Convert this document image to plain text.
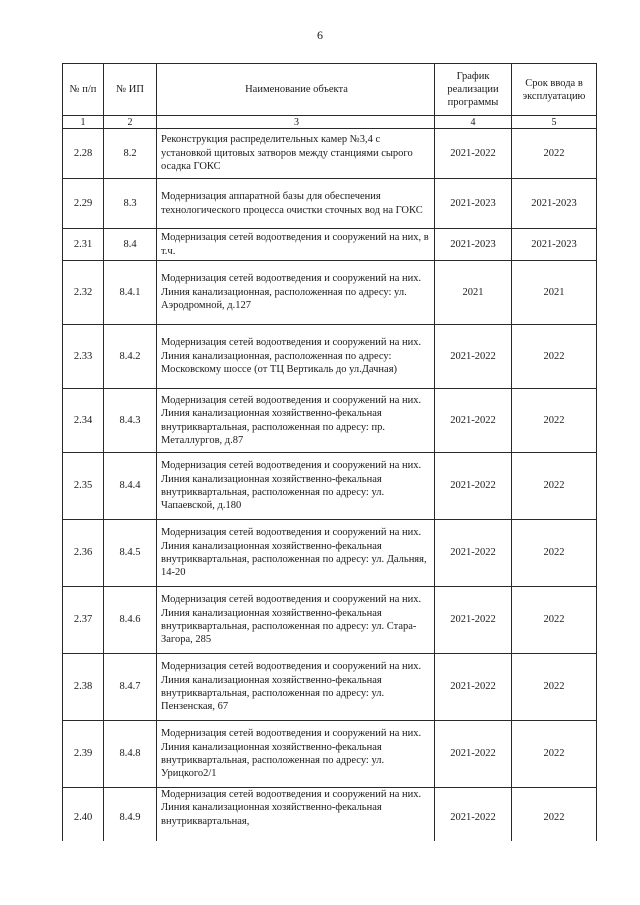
6
№ п/п	№ ИП	Наименование объекта	График реализации программы	Срок ввода в эксплуатацию
1	2	3	4	5
2.28	8.2	Реконструкция распределительных камер №3,4 с установкой щитовых затворов между станциями сырого осадка ГОКС	2021-2022	2022
2.29	8.3	Модернизация аппаратной базы для обеспечения технологического процесса очистки сточных вод на ГОКС	2021-2023	2021-2023
2.31	8.4	Модернизация сетей водоотведения и сооружений на них, в т.ч.	2021-2023	2021-2023
2.32	8.4.1	Модернизация сетей водоотведения и сооружений на них. Линия канализационная, расположенная по адресу: ул. Аэродромной, д.127	2021	2021
2.33	8.4.2	Модернизация сетей водоотведения и сооружений на них. Линия канализационная, расположенная по адресу: Московскому шоссе (от ТЦ Вертикаль до ул.Дачная)	2021-2022	2022
2.34	8.4.3	Модернизация сетей водоотведения и сооружений на них. Линия канализационная хозяйственно-фекальная внутриквартальная, расположенная по адресу: пр. Металлургов, д.87	2021-2022	2022
2.35	8.4.4	Модернизация сетей водоотведения и сооружений на них. Линия канализационная хозяйственно-фекальная внутриквартальная, расположенная по адресу: ул. Чапаевской, д.180	2021-2022	2022
2.36	8.4.5	Модернизация сетей водоотведения и сооружений на них. Линия канализационная хозяйственно-фекальная внутриквартальная, расположенная по адресу: ул. Дальняя, 14-20	2021-2022	2022
2.37	8.4.6	Модернизация сетей водоотведения и сооружений на них. Линия канализационная хозяйственно-фекальная внутриквартальная, расположенная по адресу: ул. Стара-Загора, 285	2021-2022	2022
2.38	8.4.7	Модернизация сетей водоотведения и сооружений на них. Линия канализационная хозяйственно-фекальная внутриквартальная, расположенная по адресу: ул. Пензенская, 67	2021-2022	2022
2.39	8.4.8	Модернизация сетей водоотведения и сооружений на них. Линия канализационная хозяйственно-фекальная внутриквартальная, расположенная по адресу: ул. Урицкого2/1	2021-2022	2022
2.40	8.4.9	Модернизация сетей водоотведения и сооружений на них. Линия канализационная хозяйственно-фекальная внутриквартальная,	2021-2022	2022
